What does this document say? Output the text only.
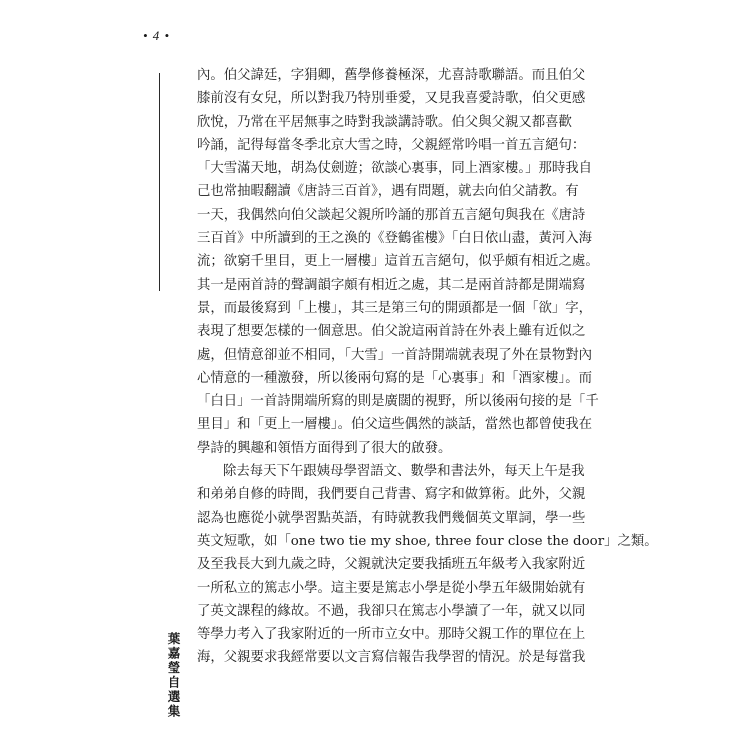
• 4 •
葉嘉瑩自選集
內。伯父諱廷，字狷卿，舊學修養極深，尤喜詩歌聯語。而且伯父
膝前沒有女兒，所以對我乃特別垂愛，又見我喜愛詩歌，伯父更感
欣悅，乃常在平居無事之時對我談講詩歌。伯父與父親又都喜歡
吟誦，記得每當冬季北京大雪之時，父親經常吟唱一首五言絕句：
「大雪滿天地，胡為仗劍遊；欲談心裏事，同上酒家樓。」那時我自
己也常抽暇翻讀《唐詩三百首》，遇有問題，就去向伯父請教。有
一天，我偶然向伯父談起父親所吟誦的那首五言絕句與我在《唐詩
三百首》中所讀到的王之渙的《登鶴雀樓》「白日依山盡，黃河入海
流；欲窮千里目，更上一層樓」這首五言絕句，似乎頗有相近之處。
其一是兩首詩的聲調韻字頗有相近之處，其二是兩首詩都是開端寫
景，而最後寫到「上樓」，其三是第三句的開頭都是一個「欲」字，
表現了想要怎樣的一個意思。伯父說這兩首詩在外表上雖有近似之
處，但情意卻並不相同，「大雪」一首詩開端就表現了外在景物對內
心情意的一種激發，所以後兩句寫的是「心裏事」和「酒家樓」。而
「白日」一首詩開端所寫的則是廣闊的視野，所以後兩句接的是「千
里目」和「更上一層樓」。伯父這些偶然的談話，當然也都曾使我在
學詩的興趣和領悟方面得到了很大的啟發。
除去每天下午跟姨母學習語文、數學和書法外，每天上午是我
和弟弟自修的時間，我們要自己背書、寫字和做算術。此外，父親
認為也應從小就學習點英語，有時就教我們幾個英文單詞，學一些
英文短歌，如「one two tie my shoe, three four close the door」之類。
及至我長大到九歲之時，父親就決定要我插班五年級考入我家附近
一所私立的篤志小學。這主要是篤志小學是從小學五年級開始就有
了英文課程的緣故。不過，我卻只在篤志小學讀了一年，就又以同
等學力考入了我家附近的一所市立女中。那時父親工作的單位在上
海，父親要求我經常要以文言寫信報告我學習的情況。於是每當我
